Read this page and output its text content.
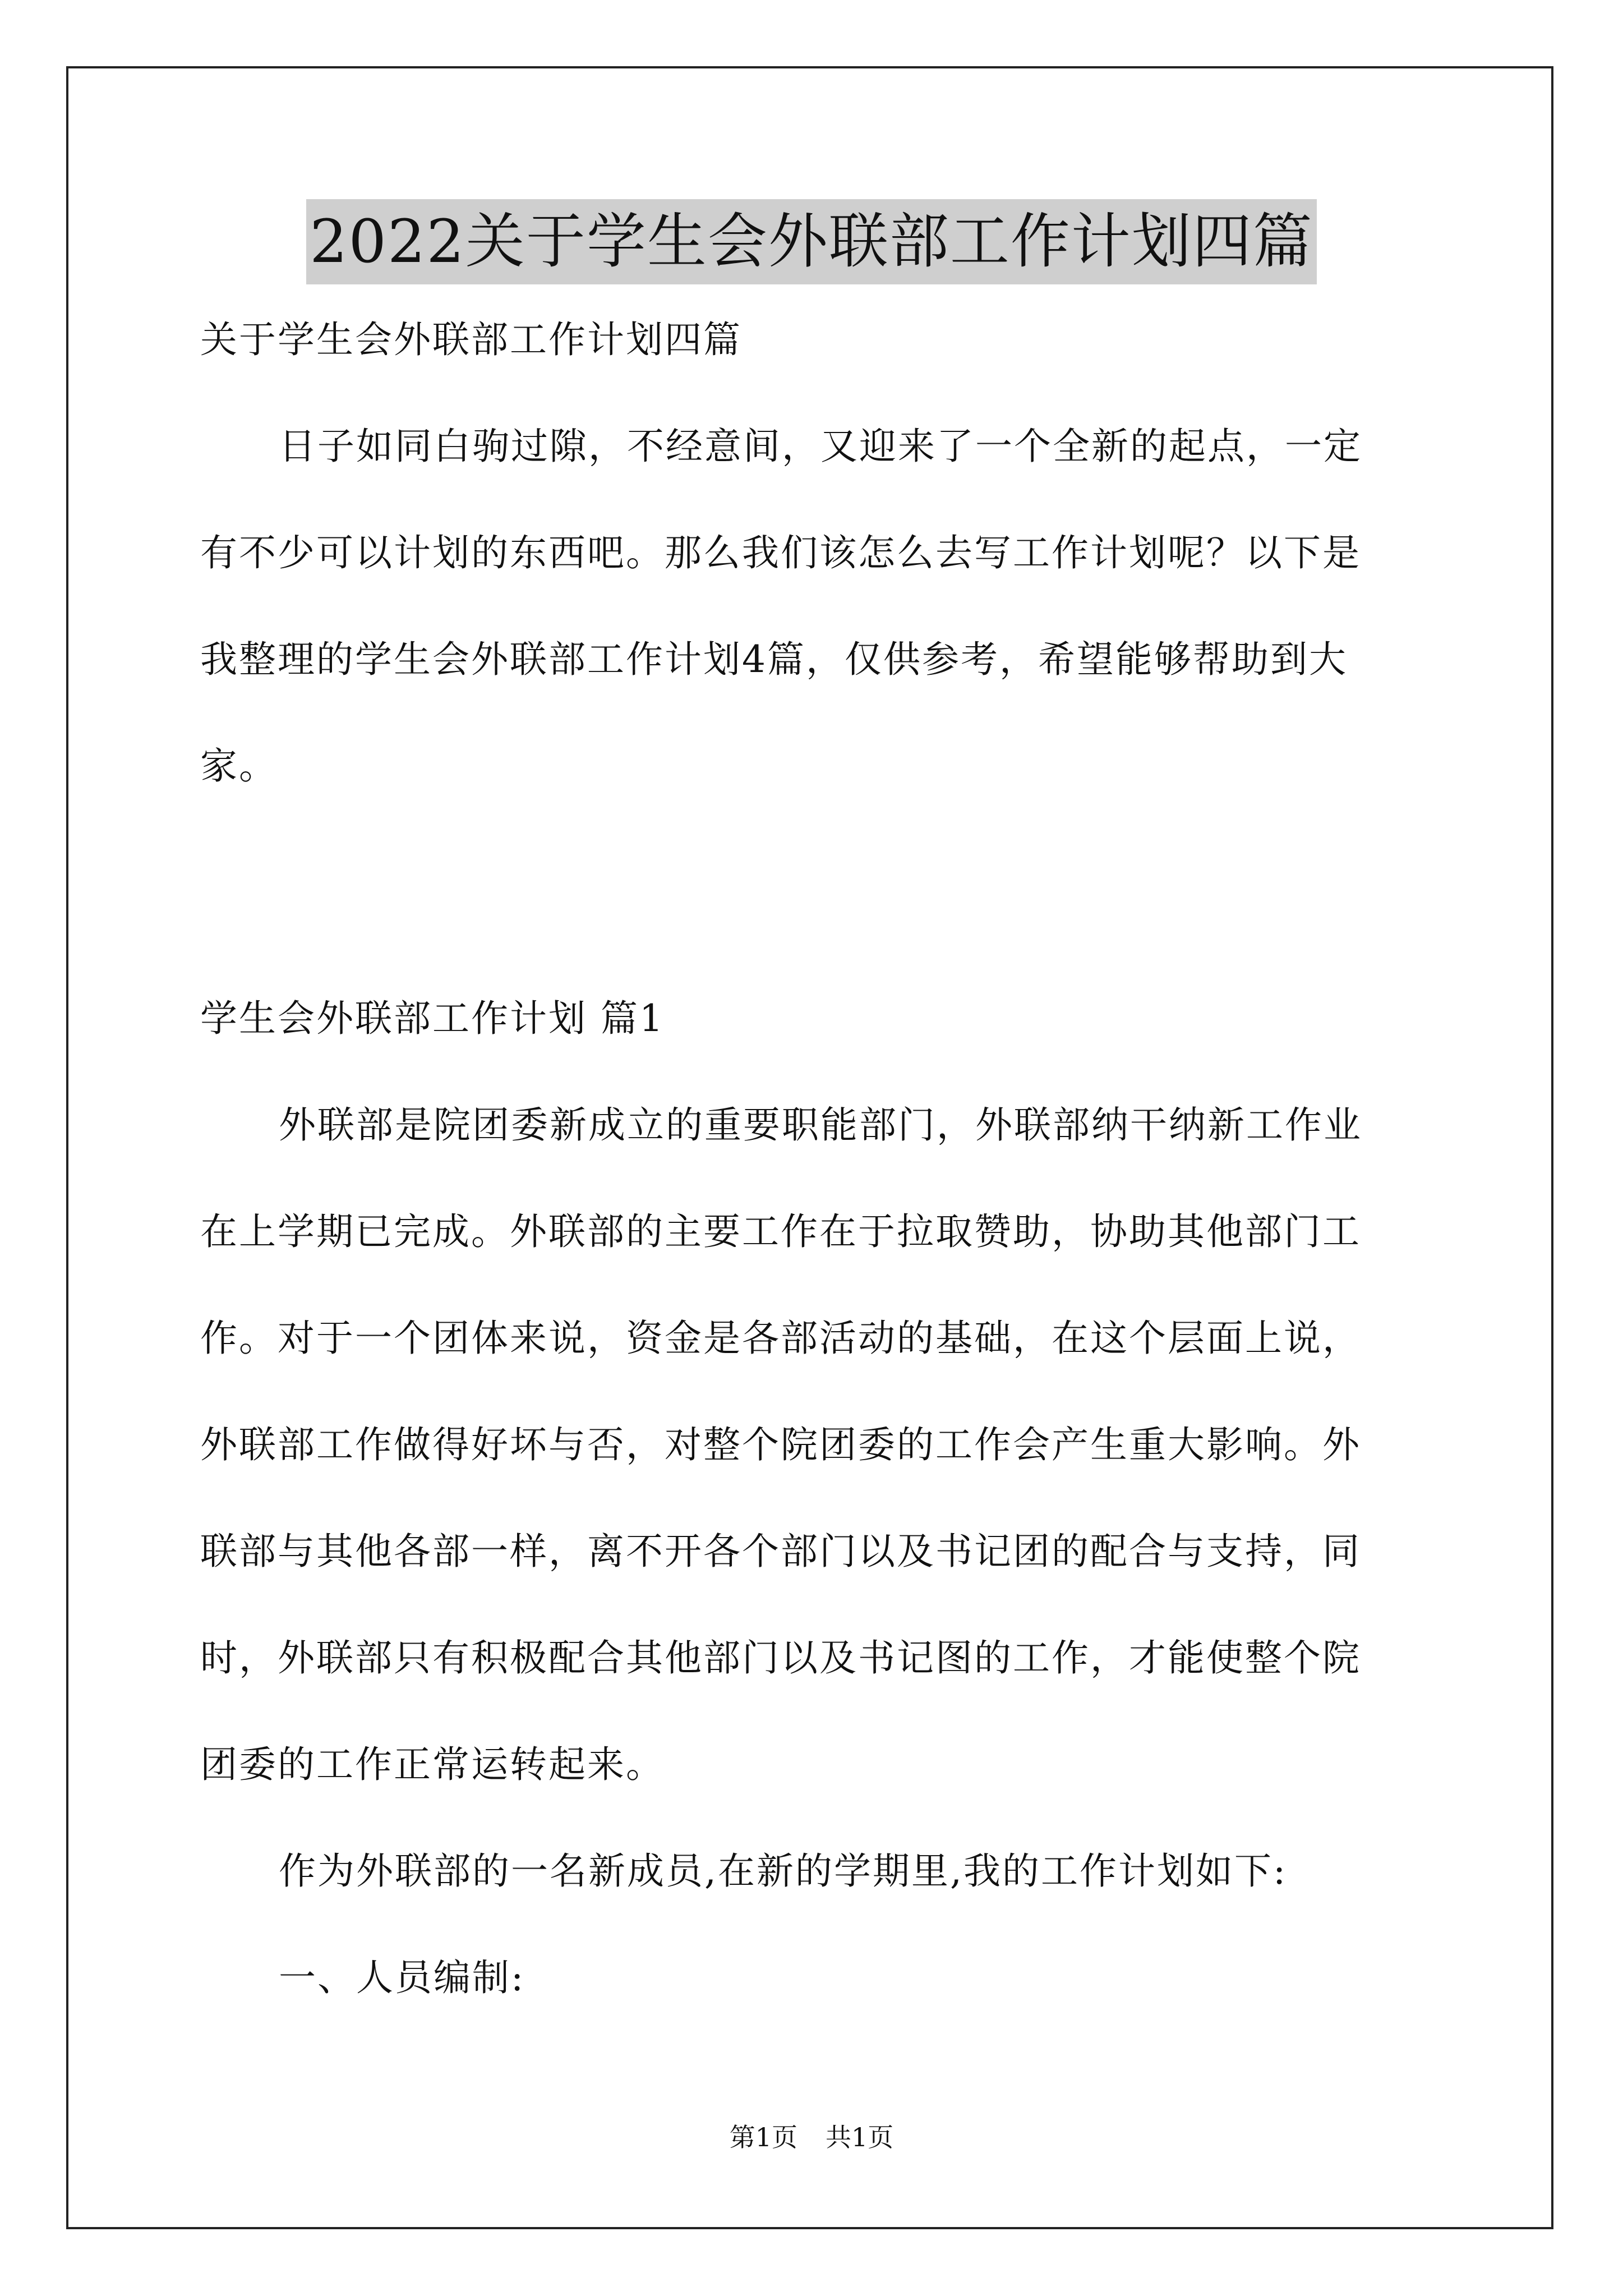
2022关于学生会外联部工作计划四篇
关于学生会外联部工作计划四篇
日子如同白驹过隙，不经意间，又迎来了一个全新的起点，一定
有不少可以计划的东西吧。那么我们该怎么去写工作计划呢？以下是
我整理的学生会外联部工作计划4篇，仅供参考，希望能够帮助到大
家。
学生会外联部工作计划 篇1
外联部是院团委新成立的重要职能部门，外联部纳干纳新工作业
在上学期已完成。外联部的主要工作在于拉取赞助，协助其他部门工
作。对于一个团体来说，资金是各部活动的基础，在这个层面上说，
外联部工作做得好坏与否，对整个院团委的工作会产生重大影响。外
联部与其他各部一样，离不开各个部门以及书记团的配合与支持，同
时，外联部只有积极配合其他部门以及书记图的工作，才能使整个院
团委的工作正常运转起来。
作为外联部的一名新成员,在新的学期里,我的工作计划如下:
一、人员编制:
第1页 共1页
